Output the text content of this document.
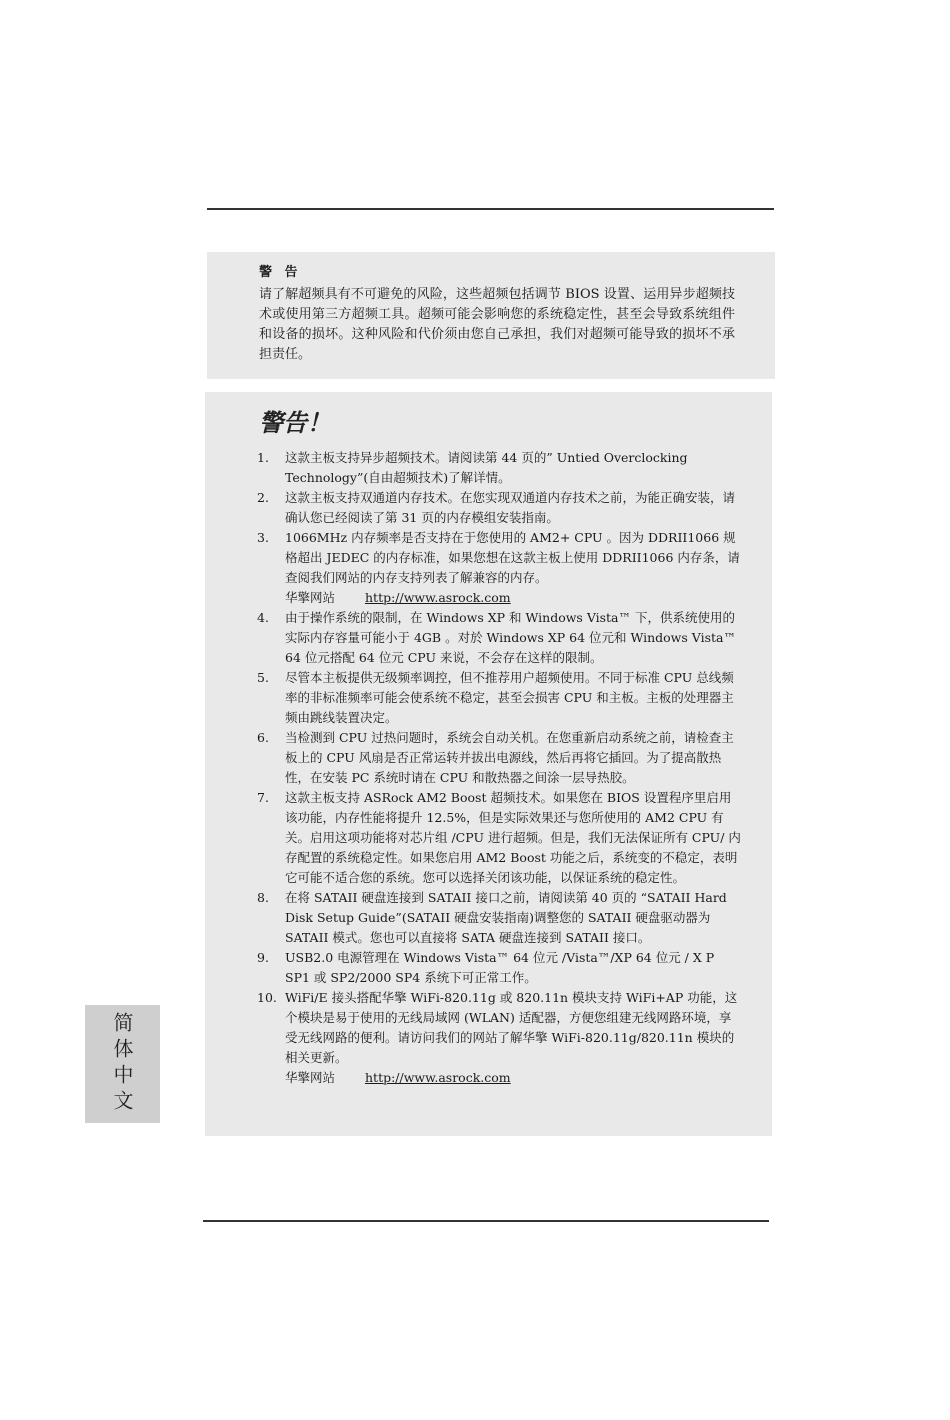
警 告

请了解超频具有不可避免的风险，这些超频包括调节 BIOS 设置、运用异步超频技术或使用第三方超频工具。超频可能会影响您的系统稳定性，甚至会导致系统组件和设备的损坏。这种风险和代价须由您自己承担，我们对超频可能导致的损坏不承担责任。

警告！
1.	这款主板支持异步超频技术。请阅读第 44 页的” Untied Overclocking Technology”(自由超频技术)了解详情。
2.	这款主板支持双通道内存技术。在您实现双通道内存技术之前，为能正确安装，请确认您已经阅读了第 31 页的内存模组安装指南。
3.	1066MHz 内存频率是否支持在于您使用的 AM2+ CPU 。因为 DDRII1066 规格超出 JEDEC 的内存标准，如果您想在这款主板上使用 DDRII1066 内存条，请查阅我们网站的内存支持列表了解兼容的内存。
华擎网站 http://www.asrock.com
4.	由于操作系统的限制，在 Windows XP 和 Windows Vista™ 下，供系统使用的实际内存容量可能小于 4GB 。对於 Windows XP 64 位元和 Windows Vista™ 64 位元搭配 64 位元 CPU 来说，不会存在这样的限制。
5.	尽管本主板提供无级频率调控，但不推荐用户超频使用。不同于标准 CPU 总线频率的非标准频率可能会使系统不稳定，甚至会损害 CPU 和主板。主板的处理器主频由跳线装置决定。
6.	当检测到 CPU 过热问题时，系统会自动关机。在您重新启动系统之前，请检查主板上的 CPU 风扇是否正常运转并拔出电源线，然后再将它插回。为了提高散热性，在安装 PC 系统时请在 CPU 和散热器之间涂一层导热胶。
7.	这款主板支持 ASRock AM2 Boost 超频技术。如果您在 BIOS 设置程序里启用该功能，内存性能将提升 12.5%，但是实际效果还与您所使用的 AM2 CPU 有关。启用这项功能将对芯片组 /CPU 进行超频。但是，我们无法保证所有 CPU/ 内存配置的系统稳定性。如果您启用 AM2 Boost 功能之后，系统变的不稳定，表明它可能不适合您的系统。您可以选择关闭该功能，以保证系统的稳定性。
8.	在将 SATAII 硬盘连接到 SATAII 接口之前，请阅读第 40 页的 “SATAII Hard Disk Setup Guide”(SATAII 硬盘安装指南)调整您的 SATAII 硬盘驱动器为 SATAII 模式。您也可以直接将 SATA 硬盘连接到 SATAII 接口。
9.	USB2.0 电源管理在 Windows Vista™ 64 位元 /Vista™/XP 64 位元 / X P SP1 或 SP2/2000 SP4 系统下可正常工作。
10. WiFi/E 接头搭配华擎 WiFi-820.11g 或 820.11n 模块支持 WiFi+AP 功能，这个模块是易于使用的无线局域网 (WLAN) 适配器，方便您组建无线网路环境，享受无线网路的便利。请访问我们的网站了解华擎 WiFi-820.11g/820.11n 模块的相关更新。
华擎网站 http://www.asrock.com
简体中文
